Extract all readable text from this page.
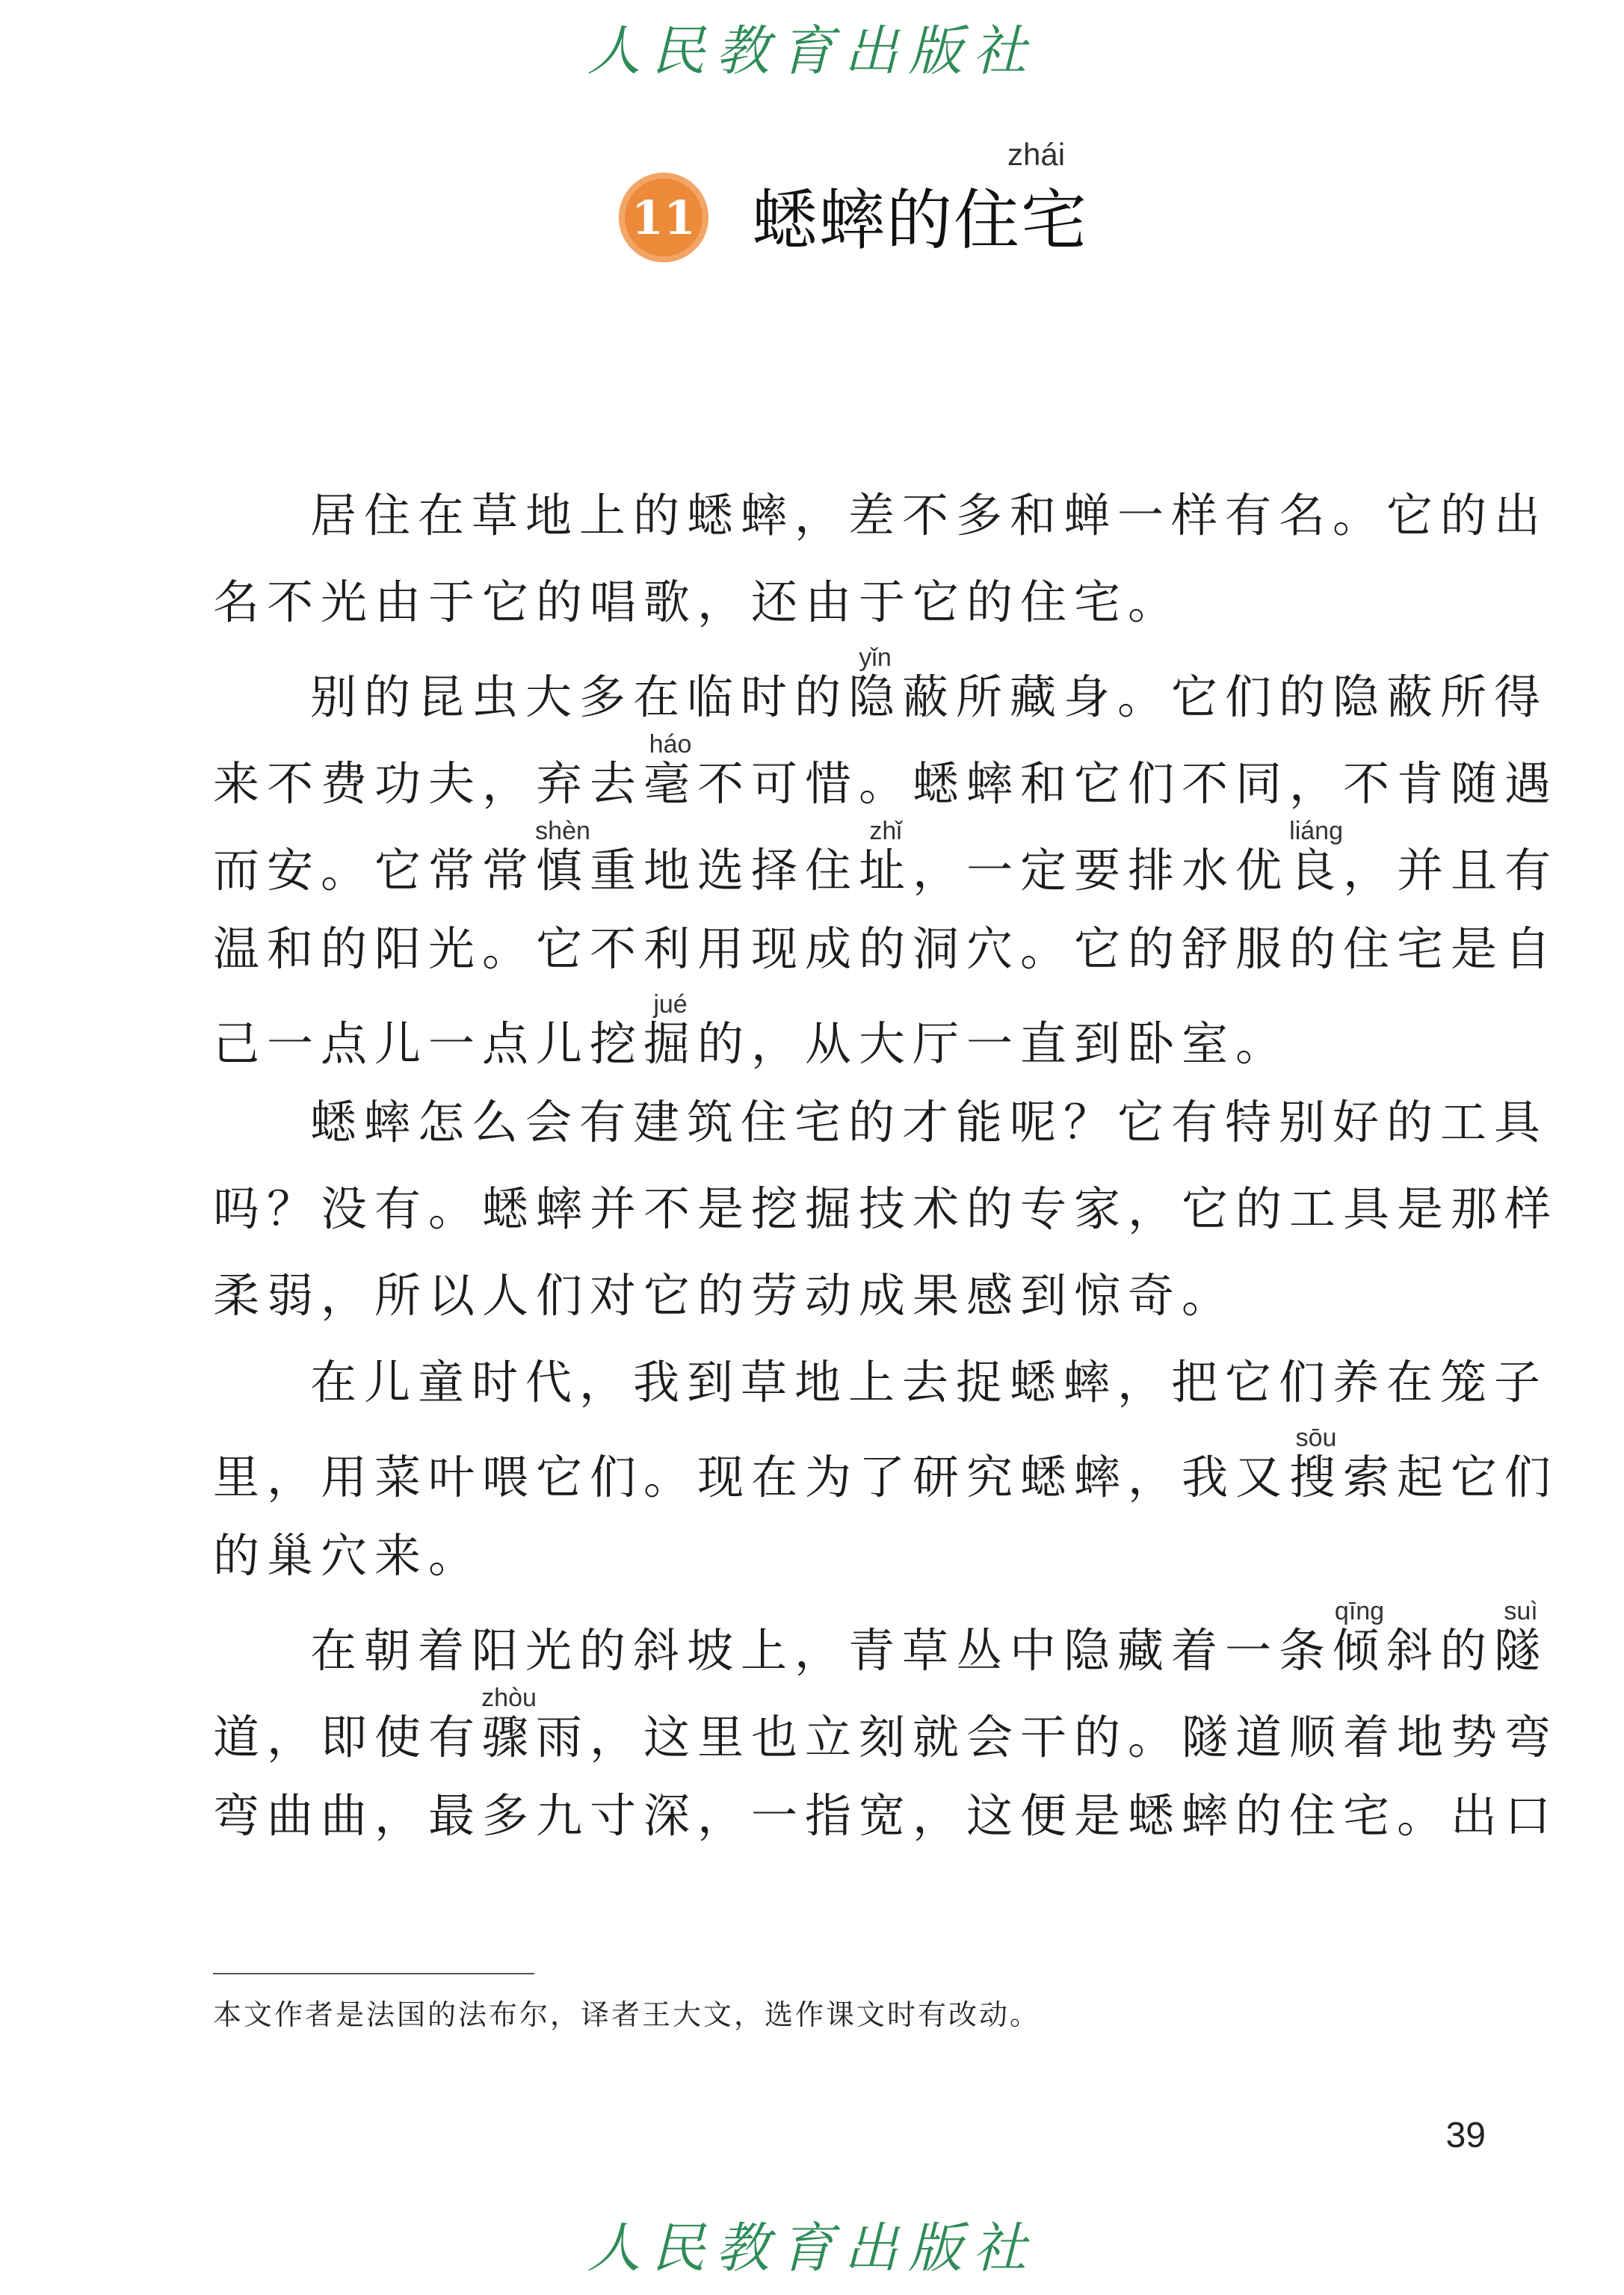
人民教育出版社
11 蟋蟀的住宅
zhái
居住在草地上的蟋蟀，差不多和蝉一样有名。它的出
名不光由于它的唱歌，还由于它的住宅。
别的昆虫大多在临时的隐yǐn蔽所藏身。它们的隐蔽所得
来不费功夫，弃去毫háo不可惜。蟋蟀和它们不同，不肯随遇
而安。它常常慎shèn重地选择住址zhǐ，一定要排水优良liáng，并且有
温和的阳光。它不利用现成的洞穴。它的舒服的住宅是自
己一点儿一点儿挖掘jué的，从大厅一直到卧室。
蟋蟀怎么会有建筑住宅的才能呢？它有特别好的工具
吗？没有。蟋蟀并不是挖掘技术的专家，它的工具是那样
柔弱，所以人们对它的劳动成果感到惊奇。
在儿童时代，我到草地上去捉蟋蟀，把它们养在笼子
里，用菜叶喂它们。现在为了研究蟋蟀，我又搜sōu索起它们
的巢穴来。
在朝着阳光的斜坡上，青草丛中隐藏着一条倾qīng斜的隧suì
道，即使有骤zhòu雨，这里也立刻就会干的。隧道顺着地势弯
弯曲曲，最多九寸深，一指宽，这便是蟋蟀的住宅。出口
本文作者是法国的法布尔，译者王大文，选作课文时有改动。
39
人民教育出版社
